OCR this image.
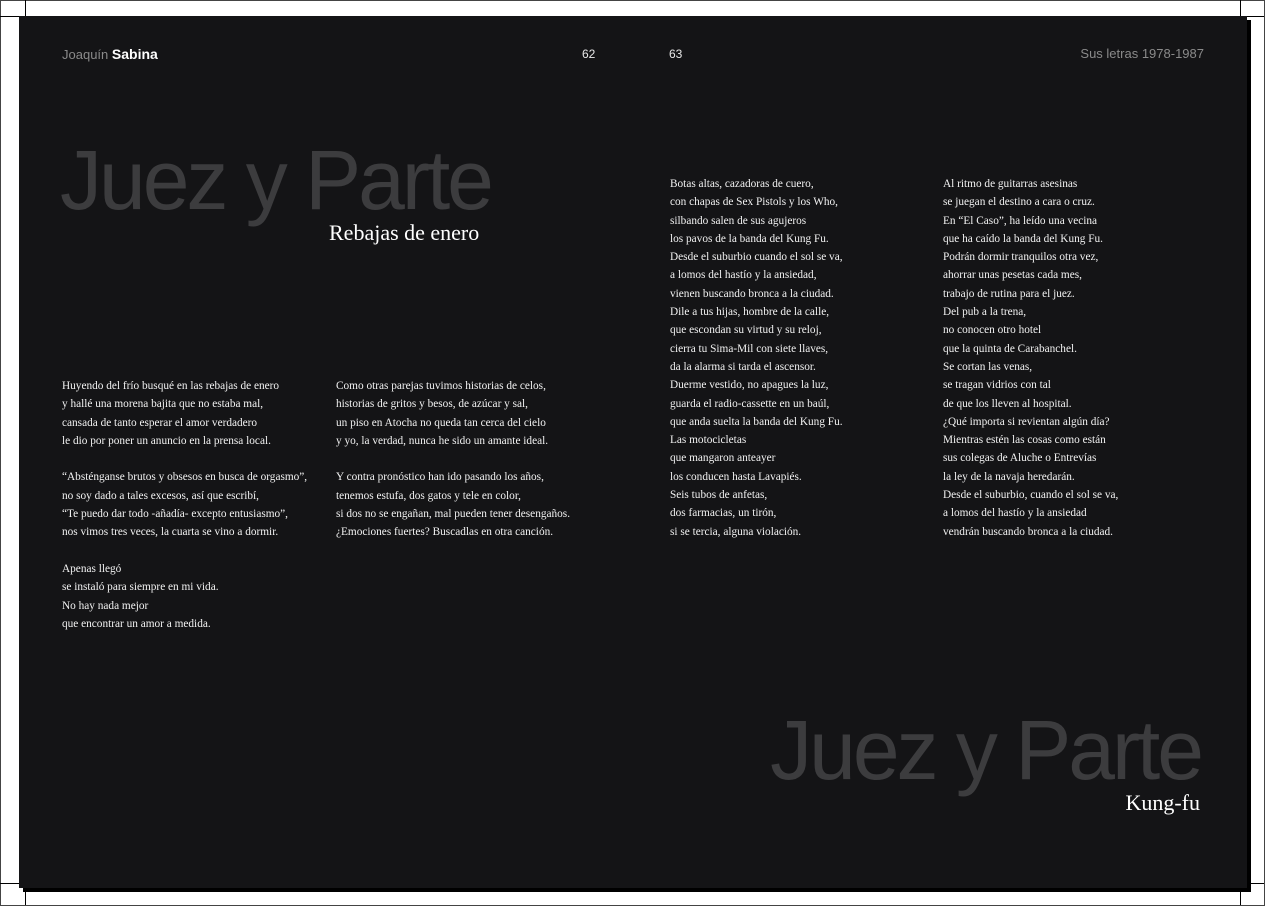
Joaquín Sabina	62	63	Sus letras 1978-1987
Juez y Parte
Rebajas de enero
Huyendo del frío busqué en las rebajas de enero
y hallé una morena bajita que no estaba mal,
cansada de tanto esperar el amor verdadero
le dio por poner un anuncio en la prensa local.
“Absténganse brutos y obsesos en busca de orgasmo”,
no soy dado a tales excesos, así que escribí,
“Te puedo dar todo -añadía- excepto entusiasmo”,
nos vimos tres veces, la cuarta se vino a dormir.
Apenas llegó
se instaló para siempre en mi vida.
No hay nada mejor
que encontrar un amor a medida.
Como otras parejas tuvimos historias de celos,
historias de gritos y besos, de azúcar y sal,
un piso en Atocha no queda tan cerca del cielo
y yo, la verdad, nunca he sido un amante ideal.
Y contra pronóstico han ido pasando los años,
tenemos estufa, dos gatos y tele en color,
si dos no se engañan, mal pueden tener desengaños.
¿Emociones fuertes? Buscadlas en otra canción.
Botas altas, cazadoras de cuero,
con chapas de Sex Pistols y los Who,
silbando salen de sus agujeros
los pavos de la banda del Kung Fu.
Desde el suburbio cuando el sol se va,
a lomos del hastío y la ansiedad,
vienen buscando bronca a la ciudad.
Dile a tus hijas, hombre de la calle,
que escondan su virtud y su reloj,
cierra tu Sima-Mil con siete llaves,
da la alarma si tarda el ascensor.
Duerme vestido, no apagues la luz,
guarda el radio-cassette en un baúl,
que anda suelta la banda del Kung Fu.
Las motocicletas
que mangaron anteayer
los conducen hasta Lavapiés.
Seis tubos de anfetas,
dos farmacias, un tirón,
si se tercia, alguna violación.
Al ritmo de guitarras asesinas
se juegan el destino a cara o cruz.
En “El Caso”, ha leído una vecina
que ha caído la banda del Kung Fu.
Podrán dormir tranquilos otra vez,
ahorrar unas pesetas cada mes,
trabajo de rutina para el juez.
Del pub a la trena,
no conocen otro hotel
que la quinta de Carabanchel.
Se cortan las venas,
se tragan vidrios con tal
de que los lleven al hospital.
¿Qué importa si revientan algún día?
Mientras estén las cosas como están
sus colegas de Aluche o Entrevías
la ley de la navaja heredarán.
Desde el suburbio, cuando el sol se va,
a lomos del hastío y la ansiedad
vendrán buscando bronca a la ciudad.
Juez y Parte
Kung-fu
